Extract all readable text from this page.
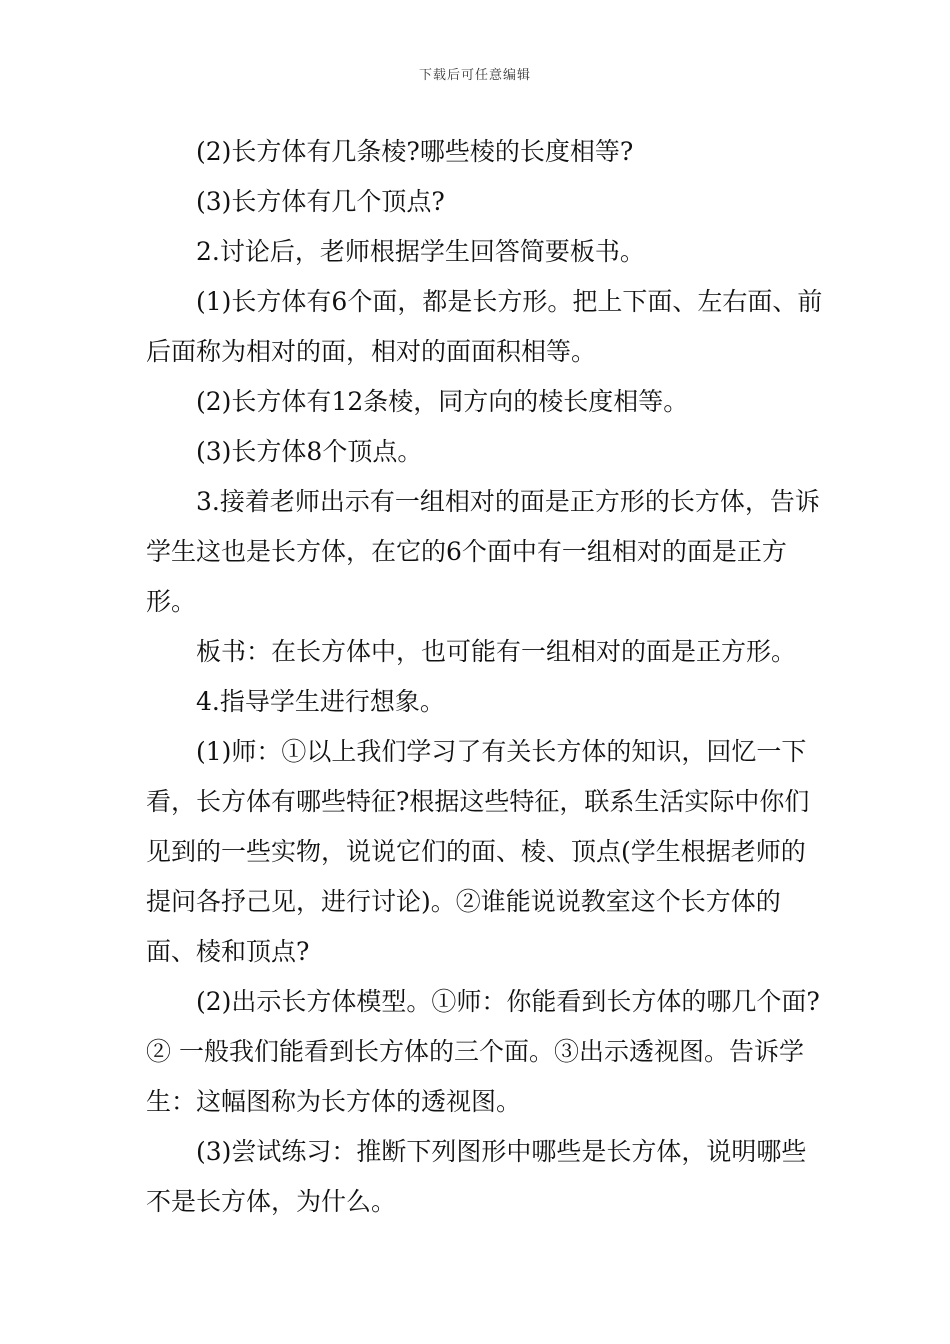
下载后可任意编辑

(2)长方体有几条棱?哪些棱的长度相等?

(3)长方体有几个顶点?

2.讨论后，老师根据学生回答简要板书。

(1)长方体有6个面，都是长方形。把上下面、左右面、前后面称为相对的面，相对的面面积相等。

(2)长方体有12条棱，同方向的棱长度相等。

(3)长方体8个顶点。

3.接着老师出示有一组相对的面是正方形的长方体，告诉学生这也是长方体，在它的6个面中有一组相对的面是正方形。

板书：在长方体中，也可能有一组相对的面是正方形。

4.指导学生进行想象。

(1)师：①以上我们学习了有关长方体的知识，回忆一下看，长方体有哪些特征?根据这些特征，联系生活实际中你们见到的一些实物，说说它们的面、棱、顶点(学生根据老师的提问各抒己见，进行讨论)。②谁能说说教室这个长方体的面、棱和顶点?

(2)出示长方体模型。①师：你能看到长方体的哪几个面?② 一般我们能看到长方体的三个面。③出示透视图。告诉学生：这幅图称为长方体的透视图。

(3)尝试练习：推断下列图形中哪些是长方体，说明哪些不是长方体，为什么。
